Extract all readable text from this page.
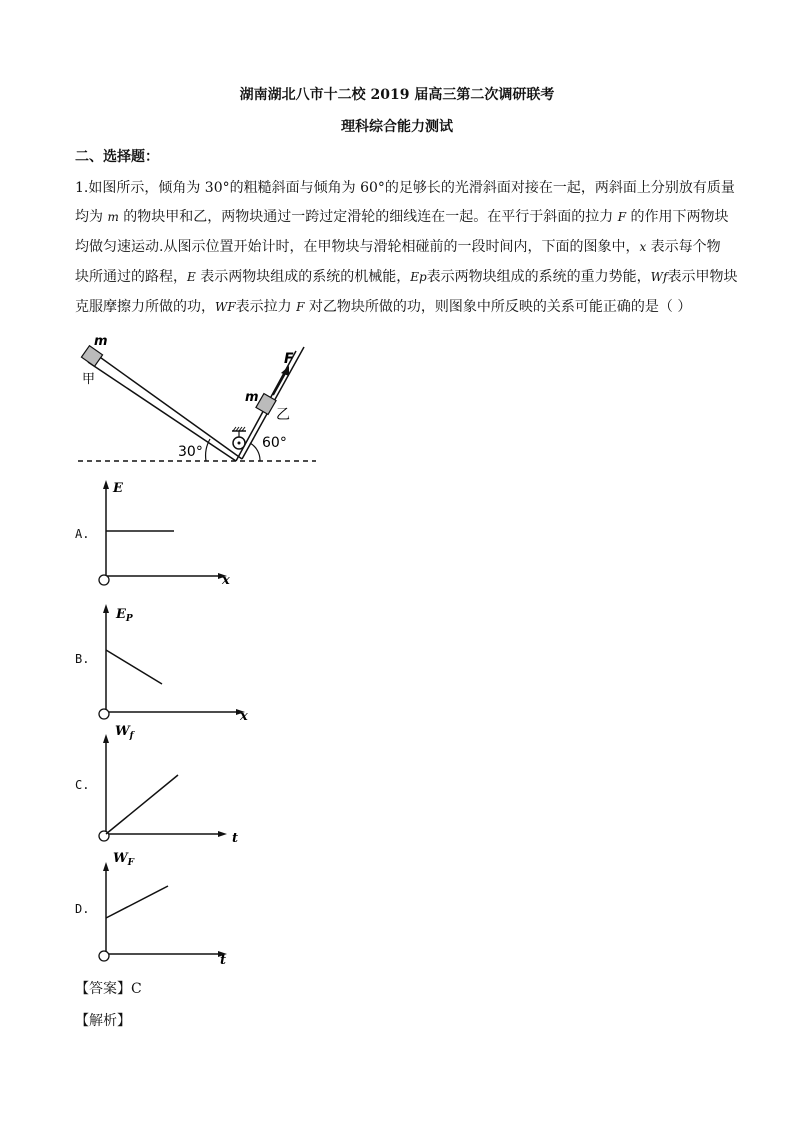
湖南湖北八市十二校 2019 届高三第二次调研联考
理科综合能力测试
二、选择题：
1.如图所示，倾角为 30°的粗糙斜面与倾角为 60°的足够长的光滑斜面对接在一起，两斜面上分别放有质量
均为 m 的物块甲和乙，两物块通过一跨过定滑轮的细线连在一起。在平行于斜面的拉力 F 的作用下两物块
均做匀速运动.从图示位置开始计时，在甲物块与滑轮相碰前的一段时间内，下面的图象中，x 表示每个物
块所通过的路程，E 表示两物块组成的系统的机械能，Ep表示两物块组成的系统的重力势能，Wf表示甲物块
克服摩擦力所做的功，WF表示拉力 F 对乙物块所做的功，则图象中所反映的关系可能正确的是（ ）
m
甲
m
乙
F
30°
60°
A.
E
x
B.
$E_P$
x
C.
$W_f$
t
D.
$W_F$
t
【答案】C
【解析】
